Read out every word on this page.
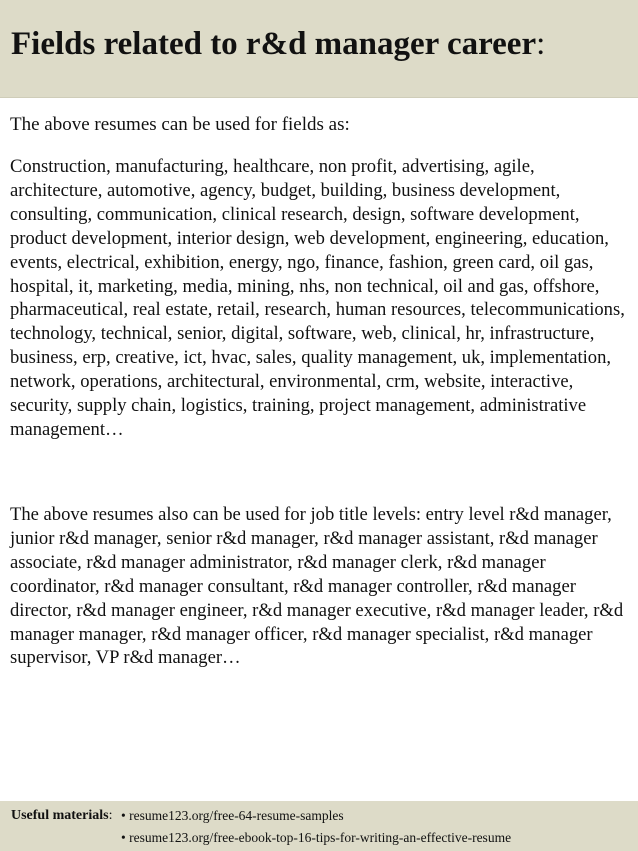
Fields related to r&d manager career:

The above resumes can be used for fields as:

Construction, manufacturing, healthcare, non profit, advertising, agile, architecture, automotive, agency, budget, building, business development, consulting, communication, clinical research, design, software development, product development, interior design, web development, engineering, education, events, electrical, exhibition, energy, ngo, finance, fashion, green card, oil gas, hospital, it, marketing, media, mining, nhs, non technical, oil and gas, offshore, pharmaceutical, real estate, retail, research, human resources, telecommunications, technology, technical, senior, digital, software, web, clinical, hr, infrastructure, business, erp, creative, ict, hvac, sales, quality management, uk, implementation, network, operations, architectural, environmental, crm, website, interactive, security, supply chain, logistics, training, project management, administrative management…

The above resumes also can be used for job title levels: entry level r&d manager, junior r&d manager, senior r&d manager, r&d manager assistant, r&d manager associate, r&d manager administrator, r&d manager clerk, r&d manager coordinator, r&d manager consultant, r&d manager controller, r&d manager director, r&d manager engineer, r&d manager executive, r&d manager leader, r&d manager manager, r&d manager officer, r&d manager specialist, r&d manager supervisor, VP r&d manager…

Useful materials: • resume123.org/free-64-resume-samples
• resume123.org/free-ebook-top-16-tips-for-writing-an-effective-resume
